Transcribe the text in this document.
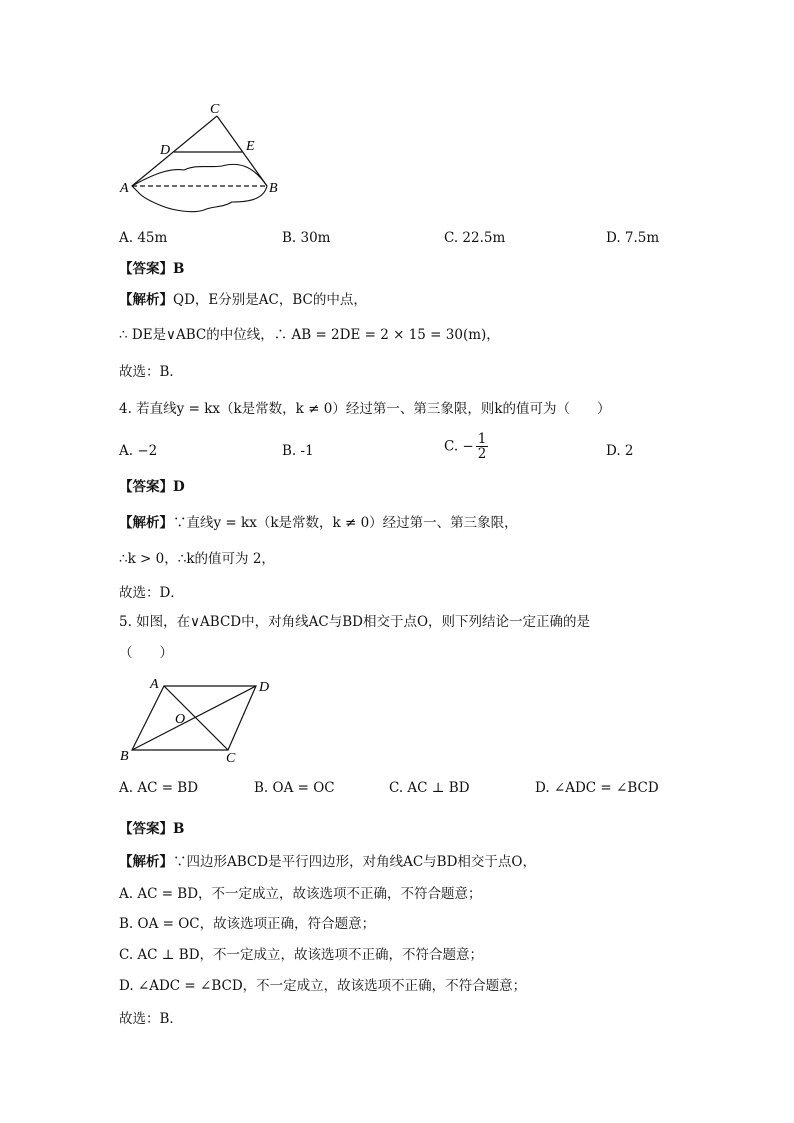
C
D	E
A	B
A. 45m	B. 30m	C. 22.5m	D. 7.5m
【答案】B
【解析】QD，E分别是AC，BC的中点，
∴ DE是∨ABC的中位线，∴ AB = 2DE = 2 × 15 = 30(m)，
故选：B．
4. 若直线y = kx（k是常数，k ≠ 0）经过第一、第三象限，则k的值可为（　　）
A. −2	B. -1	C. − $\frac{1}{2}$	D. 2
【答案】D
【解析】∵直线y = kx（k是常数，k ≠ 0）经过第一、第三象限，
∴k > 0，∴k的值可为 2，
故选：D．
5. 如图，在∨ABCD中，对角线AC与BD相交于点O，则下列结论一定正确的是
（　　）
A	D
O
B	C
A. AC = BD	B. OA = OC	C. AC ⊥ BD	D. ∠ADC = ∠BCD
【答案】B
【解析】∵四边形ABCD是平行四边形，对角线AC与BD相交于点O，
A. AC = BD，不一定成立，故该选项不正确，不符合题意；
B. OA = OC，故该选项正确，符合题意；
C. AC ⊥ BD，不一定成立，故该选项不正确，不符合题意；
D. ∠ADC = ∠BCD，不一定成立，故该选项不正确，不符合题意；
故选：B．
